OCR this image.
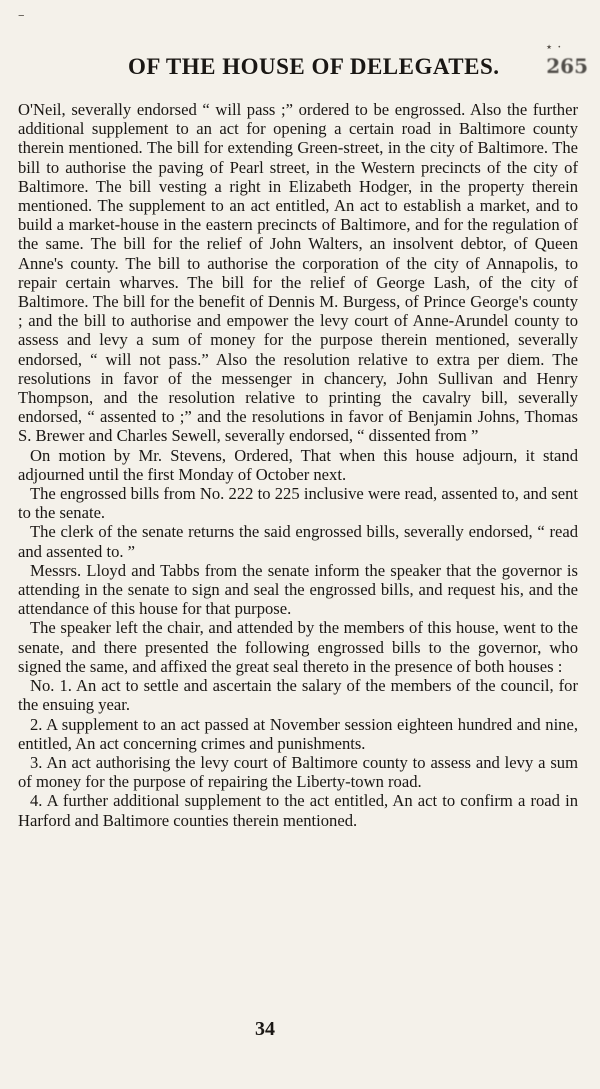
–
⋆ ·
OF THE HOUSE OF DELEGATES. 265

O'Neil, severally endorsed “ will pass ;” ordered to be engrossed. Also the further additional supplement to an act for opening a certain road in Baltimore county therein mentioned. The bill for extending Green-street, in the city of Baltimore. The bill to authorise the paving of Pearl street, in the Western precincts of the city of Baltimore. The bill vesting a right in Elizabeth Hodger, in the property therein mentioned. The supplement to an act entitled, An act to establish a market, and to build a market-house in the eastern precincts of Baltimore, and for the regulation of the same. The bill for the relief of John Walters, an insolvent debtor, of Queen Anne's county. The bill to authorise the corporation of the city of Annapolis, to repair certain wharves. The bill for the relief of George Lash, of the city of Baltimore. The bill for the benefit of Dennis M. Burgess, of Prince George's county ; and the bill to authorise and empower the levy court of Anne-Arundel county to assess and levy a sum of money for the purpose therein mentioned, severally endorsed, “ will not pass.” Also the resolution relative to extra per diem. The resolutions in favor of the messenger in chancery, John Sullivan and Henry Thompson, and the resolution relative to printing the cavalry bill, severally endorsed, “ assented to ;” and the resolutions in favor of Benjamin Johns, Thomas S. Brewer and Charles Sewell, severally endorsed, “ dissented from ”

On motion by Mr. Stevens, Ordered, That when this house adjourn, it stand adjourned until the first Monday of October next.

The engrossed bills from No. 222 to 225 inclusive were read, assented to, and sent to the senate.

The clerk of the senate returns the said engrossed bills, severally endorsed, “ read and assented to. ”

Messrs. Lloyd and Tabbs from the senate inform the speaker that the governor is attending in the senate to sign and seal the engrossed bills, and request his, and the attendance of this house for that purpose.

The speaker left the chair, and attended by the members of this house, went to the senate, and there presented the following engrossed bills to the governor, who signed the same, and affixed the great seal thereto in the presence of both houses :

No. 1. An act to settle and ascertain the salary of the members of the council, for the ensuing year.

2. A supplement to an act passed at November session eighteen hundred and nine, entitled, An act concerning crimes and punishments.

3. An act authorising the levy court of Baltimore county to assess and levy a sum of money for the purpose of repairing the Liberty-town road.

4. A further additional supplement to the act entitled, An act to confirm a road in Harford and Baltimore counties therein mentioned.

34
